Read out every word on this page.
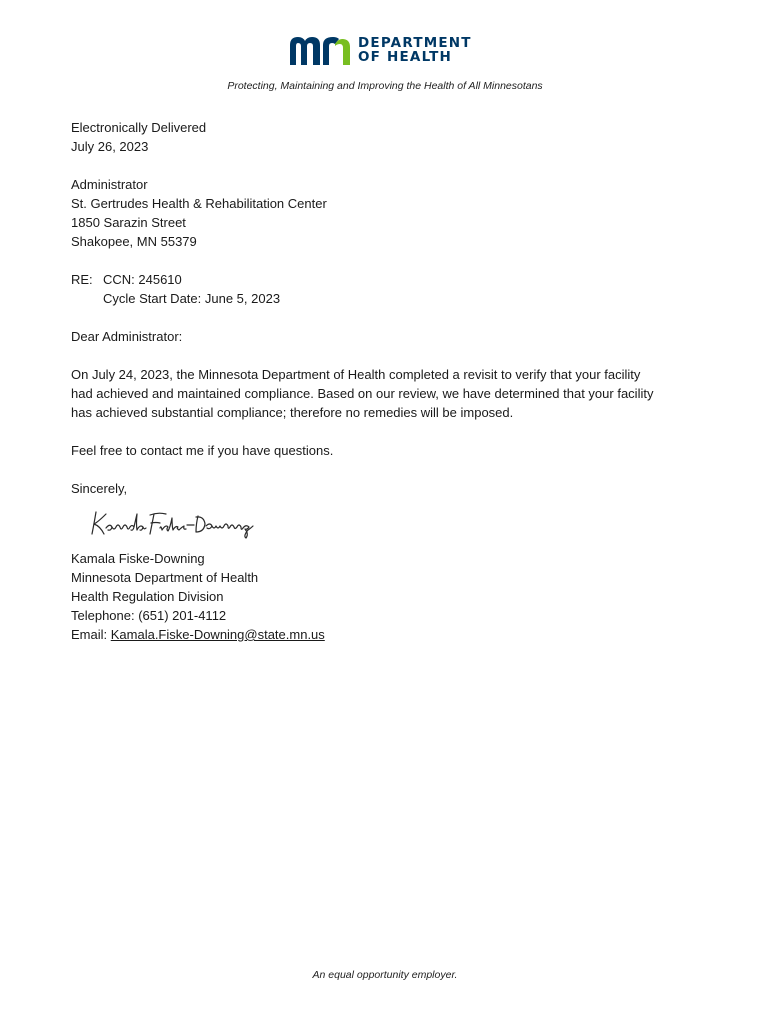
DEPARTMENT
OF HEALTH
Protecting, Maintaining and Improving the Health of All Minnesotans
Electronically Delivered
July 26, 2023
Administrator
St. Gertrudes Health & Rehabilitation Center
1850 Sarazin Street
Shakopee, MN 55379
RE: CCN: 245610
Cycle Start Date: June 5, 2023
Dear Administrator:
On July 24, 2023, the Minnesota Department of Health completed a revisit to verify that your facility
had achieved and maintained compliance. Based on our review, we have determined that your facility
has achieved substantial compliance; therefore no remedies will be imposed.
Feel free to contact me if you have questions.
Sincerely,
Kamala Fiske-Downing
Minnesota Department of Health
Health Regulation Division
Telephone: (651) 201-4112
Email: Kamala.Fiske-Downing@state.mn.us
An equal opportunity employer.
